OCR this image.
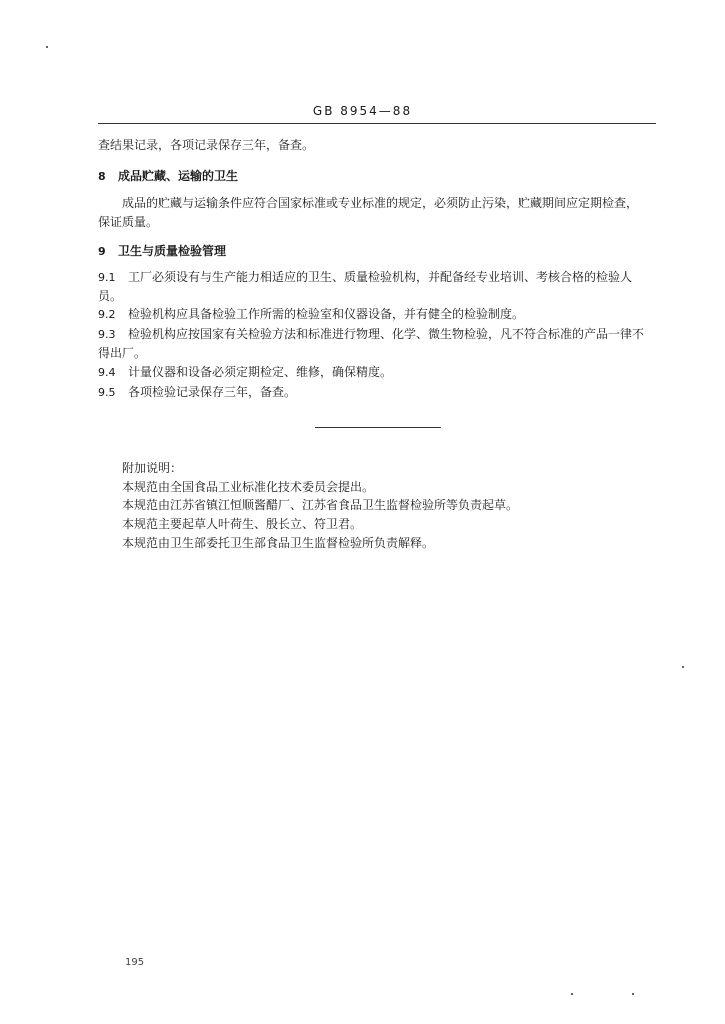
GB 8954—88
查结果记录，各项记录保存三年，备查。
8 成品贮藏、运输的卫生
成品的贮藏与运输条件应符合国家标准或专业标准的规定，必须防止污染，贮藏期间应定期检查，
保证质量。
9 卫生与质量检验管理
9.1 工厂必须设有与生产能力相适应的卫生、质量检验机构，并配备经专业培训、考核合格的检验人
员。
9.2 检验机构应具备检验工作所需的检验室和仪器设备，并有健全的检验制度。
9.3 检验机构应按国家有关检验方法和标准进行物理、化学、微生物检验，凡不符合标准的产品一律不
得出厂。
9.4 计量仪器和设备必须定期检定、维修，确保精度。
9.5 各项检验记录保存三年，备查。
附加说明：
本规范由全国食品工业标准化技术委员会提出。
本规范由江苏省镇江恒顺酱醋厂、江苏省食品卫生监督检验所等负责起草。
本规范主要起草人叶荷生、殷长立、符卫君。
本规范由卫生部委托卫生部食品卫生监督检验所负责解释。
195
